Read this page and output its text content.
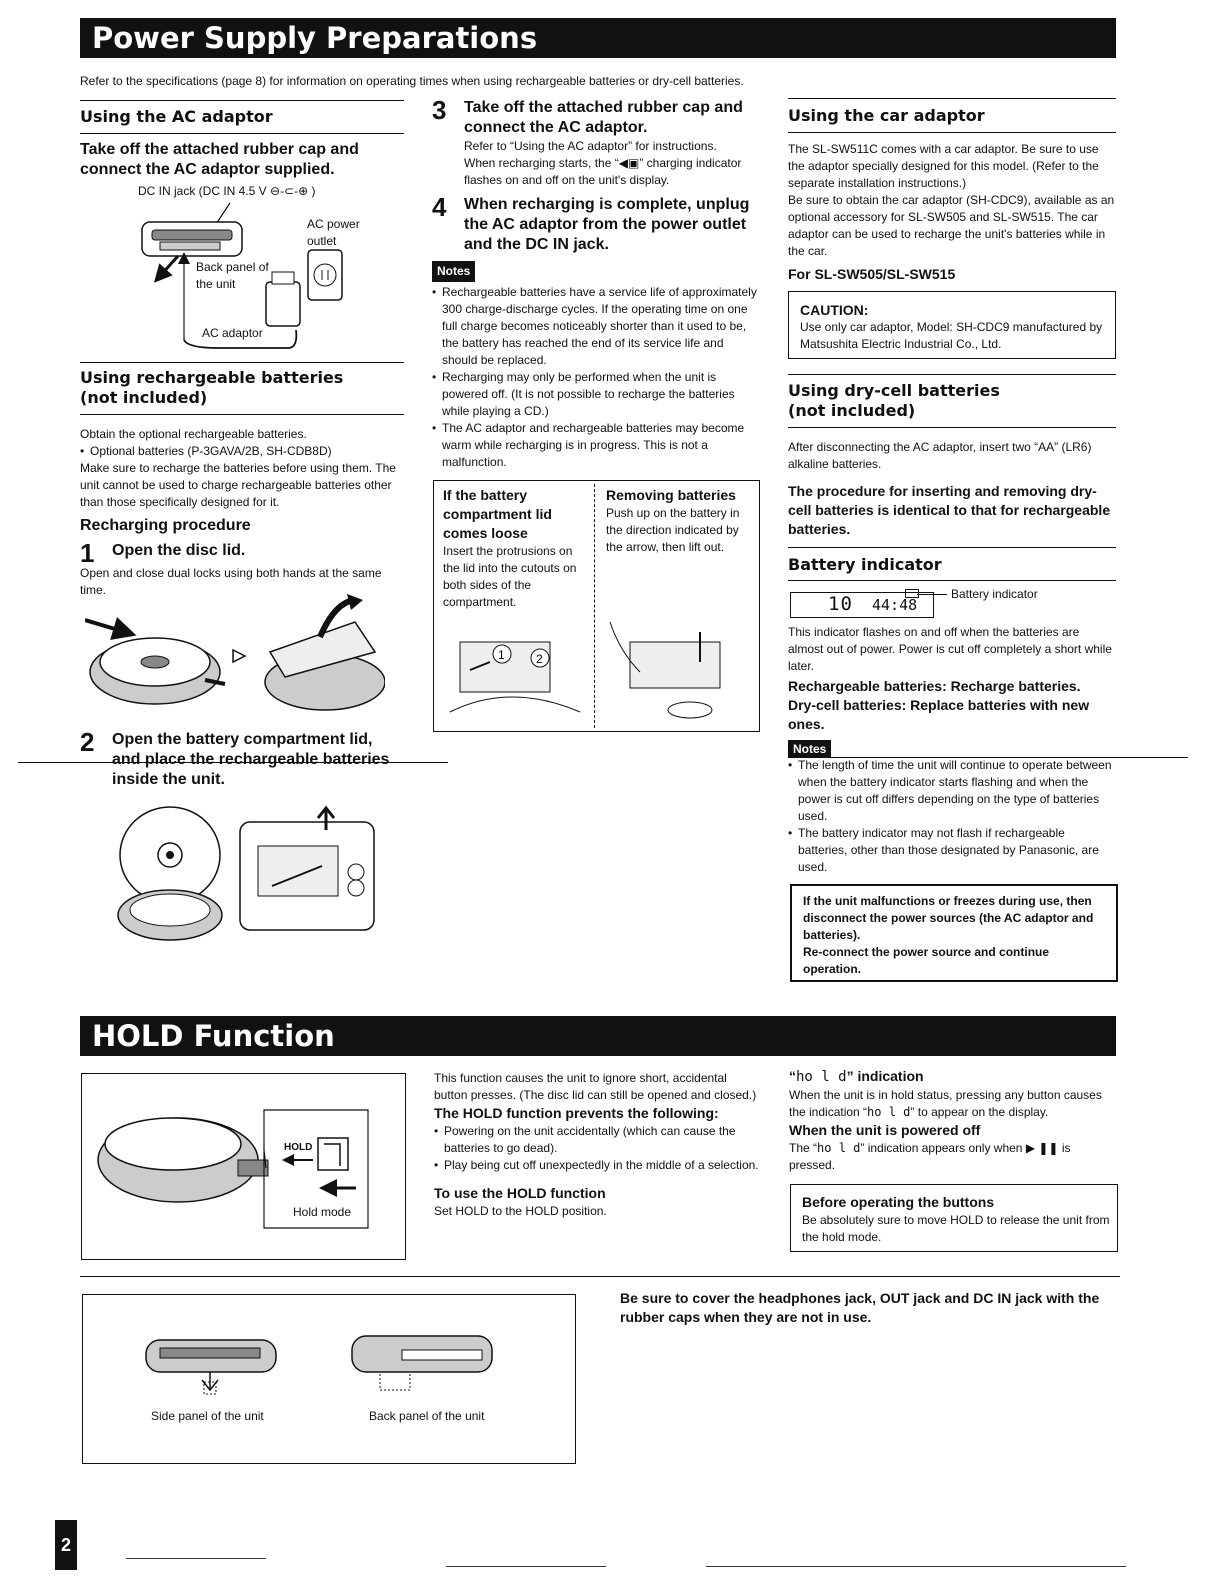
Power Supply Preparations
Refer to the specifications (page 8) for information on operating times when using rechargeable batteries or dry-cell batteries.
Using the AC adaptor

Take off the attached rubber cap and connect the AC adaptor supplied.

DC IN jack (DC IN 4.5 V ⊖-⊂-⊕ )
AC power
outlet
Back panel of
the unit
AC adaptor
Using rechargeable batteries
(not included)

Obtain the optional rechargeable batteries.

• Optional batteries (P-3GAVA/2B, SH-CDB8D)

Make sure to recharge the batteries before using them. The unit cannot be used to charge rechargeable batteries other than those specifically designed for it.

Recharging procedure

1	Open the disc lid.

Open and close dual locks using both hands at the same time.

2	Open the battery compartment lid, and place the rechargeable batteries inside the unit.
3	Take off the attached rubber cap and connect the AC adaptor.

Refer to “Using the AC adaptor” for instructions.

When recharging starts, the “◀▣” charging indicator flashes on and off on the unit's display.

4	When recharging is complete, unplug the AC adaptor from the power outlet and the DC IN jack.
Notes
• Rechargeable batteries have a service life of approximately 300 charge-discharge cycles. If the operating time on one full charge becomes noticeably shorter than it used to be, the battery has reached the end of its service life and should be replaced.
• Recharging may only be performed when the unit is powered off. (It is not possible to recharge the batteries while playing a CD.)
• The AC adaptor and rechargeable batteries may become warm while recharging is in progress. This is not a malfunction.

If the battery compartment lid comes loose

Insert the protrusions on the lid into the cutouts on both sides of the compartment.

Removing batteries

Push up on the battery in the direction indicated by the arrow, then lift out.

1	2
Using the car adaptor

The SL-SW511C comes with a car adaptor. Be sure to use the adaptor specially designed for this model. (Refer to the separate installation instructions.)

Be sure to obtain the car adaptor (SH-CDC9), available as an optional accessory for SL-SW505 and SL-SW515. The car adaptor can be used to recharge the unit's batteries while in the car.

For SL-SW505/SL-SW515

CAUTION:

Use only car adaptor, Model: SH-CDC9 manufactured by Matsushita Electric Industrial Co., Ltd.

Using dry-cell batteries
(not included)

After disconnecting the AC adaptor, insert two “AA” (LR6) alkaline batteries.

The procedure for inserting and removing dry-cell batteries is identical to that for rechargeable batteries.

Battery indicator
10 44:48
Battery indicator

This indicator flashes on and off when the batteries are almost out of power. Power is cut off completely a short while later.

Rechargeable batteries: Recharge batteries.

Dry-cell batteries: Replace batteries with new ones.

Notes
• The length of time the unit will continue to operate between when the battery indicator starts flashing and when the power is cut off differs depending on the type of batteries used.
• The battery indicator may not flash if rechargeable batteries, other than those designated by Panasonic, are used.

If the unit malfunctions or freezes during use, then disconnect the power sources (the AC adaptor and batteries).

Re-connect the power source and continue operation.

HOLD Function
HOLD
Hold mode

This function causes the unit to ignore short, accidental button presses. (The disc lid can still be opened and closed.)

The HOLD function prevents the following:

• Powering on the unit accidentally (which can cause the batteries to go dead).
• Play being cut off unexpectedly in the middle of a selection.

To use the HOLD function

Set HOLD to the HOLD position.

“ho l d” indication

When the unit is in hold status, pressing any button causes the indication “ho l d” to appear on the display.

When the unit is powered off

The “ho l d” indication appears only when ▶ ❚❚ is pressed.

Before operating the buttons

Be absolutely sure to move HOLD to release the unit from the hold mode.

Side panel of the unit	Back panel of the unit

Be sure to cover the headphones jack, OUT jack and DC IN jack with the rubber caps when they are not in use.

2
